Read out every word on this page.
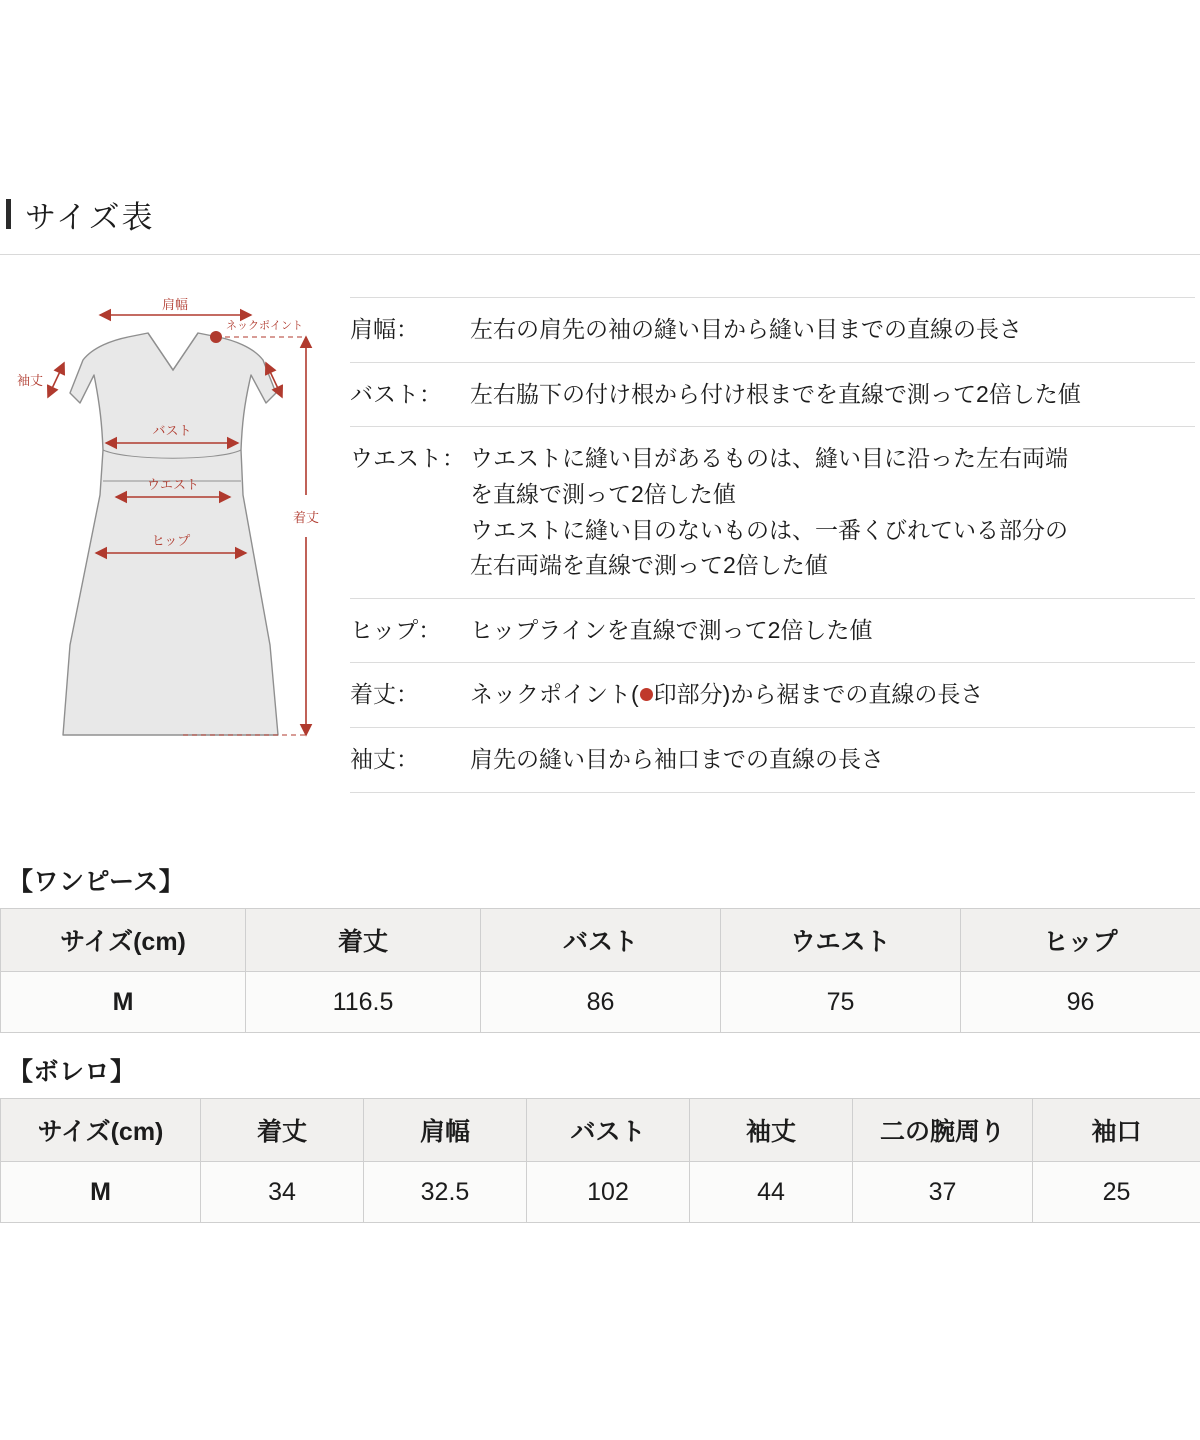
サイズ表
肩幅
ネックポイント
袖丈
バスト
ウエスト
ヒップ
着丈
肩幅：	左右の肩先の袖の縫い目から縫い目までの直線の長さ
バスト：	左右脇下の付け根から付け根までを直線で測って2倍した値
ウエスト： ウエストに縫い目があるものは、縫い目に沿った左右両端
を直線で測って2倍した値
ウエストに縫い目のないものは、一番くびれている部分の
左右両端を直線で測って2倍した値
ヒップ：	ヒップラインを直線で測って2倍した値
着丈：	ネックポイント( 印部分)から裾までの直線の長さ
袖丈：	肩先の縫い目から袖口までの直線の長さ
【ワンピース】
サイズ(cm)	着丈	バスト	ウエスト	ヒップ
M	116.5	86	75	96
【ボレロ】
サイズ(cm)	着丈	肩幅	バスト	袖丈	二の腕周り	袖口
M	34	32.5	102	44	37	25
